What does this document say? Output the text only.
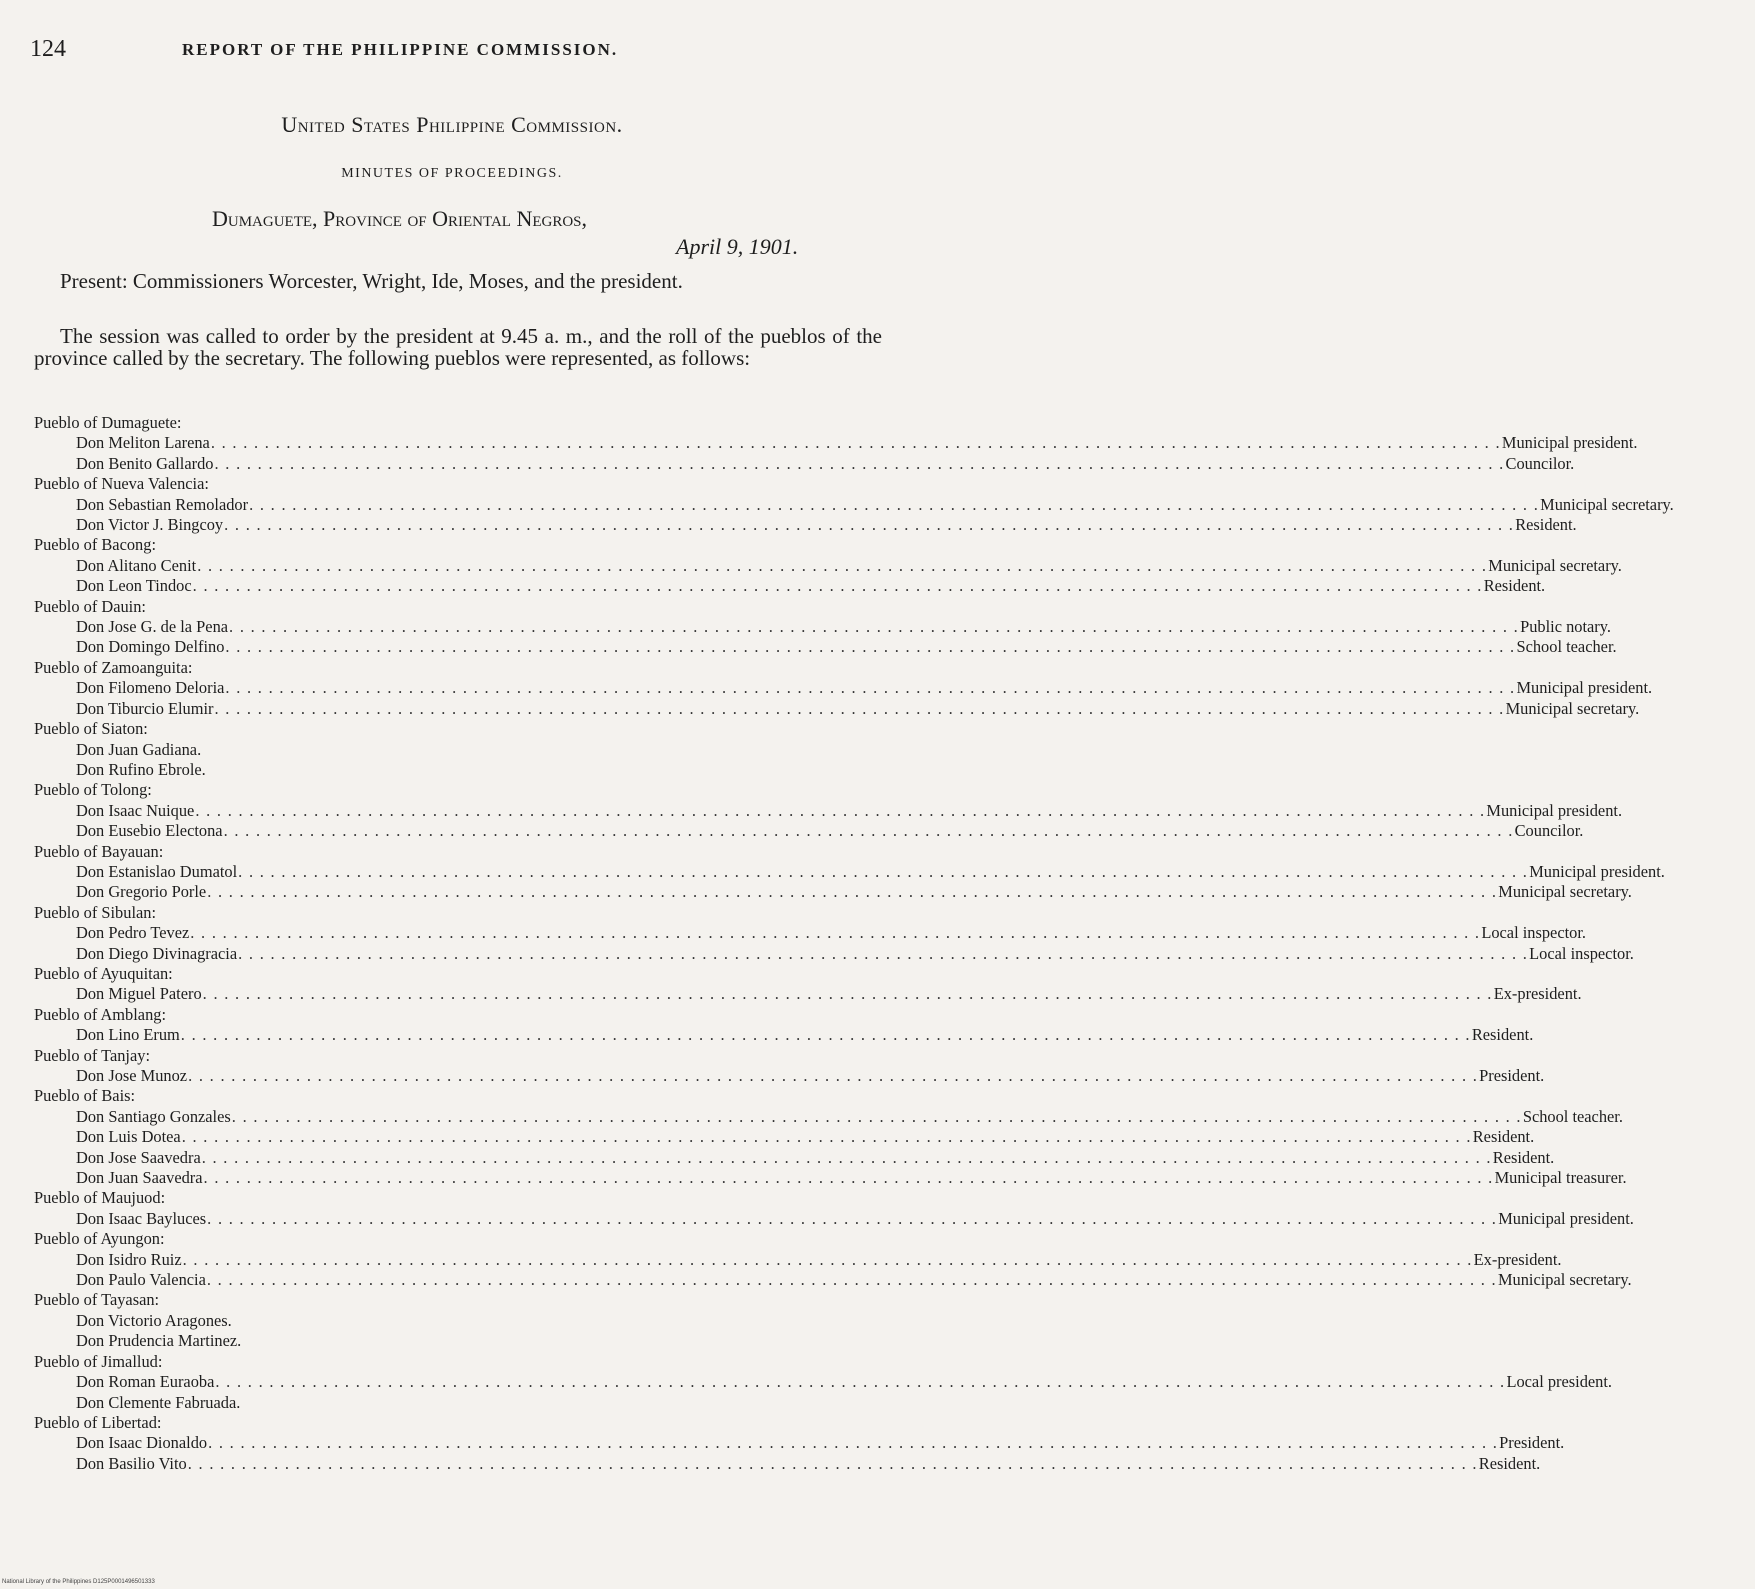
124	REPORT OF THE PHILIPPINE COMMISSION.
United States Philippine Commission.
MINUTES OF PROCEEDINGS.
Dumaguete, Province of Oriental Negros,
April 9, 1901.
Present: Commissioners Worcester, Wright, Ide, Moses, and the president.
The session was called to order by the president at 9.45 a. m., and the roll of the pueblos of the province called by the secretary. The following pueblos were represented, as follows:
Pueblo of Dumaguete:
Don Meliton Larena . . . . . . . . . . . . . . . . . . . . . . . . . . . . . . . . . . . . . . . . . . . . . . . . . . . . . . . . . . . . . . . . . . . . . . . . . . . . . . . . . . . . . . . . . . . . . . . . . . . . . . . . . . . . . . . . . . . . . . . . Municipal president.
Don Benito Gallardo . . . . . . . . . . . . . . . . . . . . . . . . . . . . . . . . . . . . . . . . . . . . . . . . . . . . . . . . . . . . . . . . . . . . . . . . . . . . . . . . . . . . . . . . . . . . . . . . . . . . . . . . . . . . . . . . . . . . . . . . Councilor.
Pueblo of Nueva Valencia:
Don Sebastian Remolador . . . . . . . . . . . . . . . . . . . . . . . . . . . . . . . . . . . . . . . . . . . . . . . . . . . . . . . . . . . . . . . . . . . . . . . . . . . . . . . . . . . . . . . . . . . . . . . . . . . . . . . . . . . . . . . . . . . . . . . . Municipal secretary.
Don Victor J. Bingcoy . . . . . . . . . . . . . . . . . . . . . . . . . . . . . . . . . . . . . . . . . . . . . . . . . . . . . . . . . . . . . . . . . . . . . . . . . . . . . . . . . . . . . . . . . . . . . . . . . . . . . . . . . . . . . . . . . . . . . . . . Resident.
Pueblo of Bacong:
Don Alitano Cenit . . . . . . . . . . . . . . . . . . . . . . . . . . . . . . . . . . . . . . . . . . . . . . . . . . . . . . . . . . . . . . . . . . . . . . . . . . . . . . . . . . . . . . . . . . . . . . . . . . . . . . . . . . . . . . . . . . . . . . . . Municipal secretary.
Don Leon Tindoc . . . . . . . . . . . . . . . . . . . . . . . . . . . . . . . . . . . . . . . . . . . . . . . . . . . . . . . . . . . . . . . . . . . . . . . . . . . . . . . . . . . . . . . . . . . . . . . . . . . . . . . . . . . . . . . . . . . . . . . . Resident.
Pueblo of Dauin:
Don Jose G. de la Pena . . . . . . . . . . . . . . . . . . . . . . . . . . . . . . . . . . . . . . . . . . . . . . . . . . . . . . . . . . . . . . . . . . . . . . . . . . . . . . . . . . . . . . . . . . . . . . . . . . . . . . . . . . . . . . . . . . . . . . . . Public notary.
Don Domingo Delfino . . . . . . . . . . . . . . . . . . . . . . . . . . . . . . . . . . . . . . . . . . . . . . . . . . . . . . . . . . . . . . . . . . . . . . . . . . . . . . . . . . . . . . . . . . . . . . . . . . . . . . . . . . . . . . . . . . . . . . . . School teacher.
Pueblo of Zamoanguita:
Don Filomeno Deloria . . . . . . . . . . . . . . . . . . . . . . . . . . . . . . . . . . . . . . . . . . . . . . . . . . . . . . . . . . . . . . . . . . . . . . . . . . . . . . . . . . . . . . . . . . . . . . . . . . . . . . . . . . . . . . . . . . . . . . . . Municipal president.
Don Tiburcio Elumir . . . . . . . . . . . . . . . . . . . . . . . . . . . . . . . . . . . . . . . . . . . . . . . . . . . . . . . . . . . . . . . . . . . . . . . . . . . . . . . . . . . . . . . . . . . . . . . . . . . . . . . . . . . . . . . . . . . . . . . . Municipal secretary.
Pueblo of Siaton:
Don Juan Gadiana.
Don Rufino Ebrole.
Pueblo of Tolong:
Don Isaac Nuique . . . . . . . . . . . . . . . . . . . . . . . . . . . . . . . . . . . . . . . . . . . . . . . . . . . . . . . . . . . . . . . . . . . . . . . . . . . . . . . . . . . . . . . . . . . . . . . . . . . . . . . . . . . . . . . . . . . . . . . . Municipal president.
Don Eusebio Electona . . . . . . . . . . . . . . . . . . . . . . . . . . . . . . . . . . . . . . . . . . . . . . . . . . . . . . . . . . . . . . . . . . . . . . . . . . . . . . . . . . . . . . . . . . . . . . . . . . . . . . . . . . . . . . . . . . . . . . . . Councilor.
Pueblo of Bayauan:
Don Estanislao Dumatol . . . . . . . . . . . . . . . . . . . . . . . . . . . . . . . . . . . . . . . . . . . . . . . . . . . . . . . . . . . . . . . . . . . . . . . . . . . . . . . . . . . . . . . . . . . . . . . . . . . . . . . . . . . . . . . . . . . . . . . . Municipal president.
Don Gregorio Porle . . . . . . . . . . . . . . . . . . . . . . . . . . . . . . . . . . . . . . . . . . . . . . . . . . . . . . . . . . . . . . . . . . . . . . . . . . . . . . . . . . . . . . . . . . . . . . . . . . . . . . . . . . . . . . . . . . . . . . . . Municipal secretary.
Pueblo of Sibulan:
Don Pedro Tevez . . . . . . . . . . . . . . . . . . . . . . . . . . . . . . . . . . . . . . . . . . . . . . . . . . . . . . . . . . . . . . . . . . . . . . . . . . . . . . . . . . . . . . . . . . . . . . . . . . . . . . . . . . . . . . . . . . . . . . . . Local inspector.
Don Diego Divinagracia . . . . . . . . . . . . . . . . . . . . . . . . . . . . . . . . . . . . . . . . . . . . . . . . . . . . . . . . . . . . . . . . . . . . . . . . . . . . . . . . . . . . . . . . . . . . . . . . . . . . . . . . . . . . . . . . . . . . . . . . Local inspector.
Pueblo of Ayuquitan:
Don Miguel Patero . . . . . . . . . . . . . . . . . . . . . . . . . . . . . . . . . . . . . . . . . . . . . . . . . . . . . . . . . . . . . . . . . . . . . . . . . . . . . . . . . . . . . . . . . . . . . . . . . . . . . . . . . . . . . . . . . . . . . . . . Ex-president.
Pueblo of Amblang:
Don Lino Erum . . . . . . . . . . . . . . . . . . . . . . . . . . . . . . . . . . . . . . . . . . . . . . . . . . . . . . . . . . . . . . . . . . . . . . . . . . . . . . . . . . . . . . . . . . . . . . . . . . . . . . . . . . . . . . . . . . . . . . . . Resident.
Pueblo of Tanjay:
Don Jose Munoz . . . . . . . . . . . . . . . . . . . . . . . . . . . . . . . . . . . . . . . . . . . . . . . . . . . . . . . . . . . . . . . . . . . . . . . . . . . . . . . . . . . . . . . . . . . . . . . . . . . . . . . . . . . . . . . . . . . . . . . . President.
Pueblo of Bais:
Don Santiago Gonzales . . . . . . . . . . . . . . . . . . . . . . . . . . . . . . . . . . . . . . . . . . . . . . . . . . . . . . . . . . . . . . . . . . . . . . . . . . . . . . . . . . . . . . . . . . . . . . . . . . . . . . . . . . . . . . . . . . . . . . . . School teacher.
Don Luis Dotea . . . . . . . . . . . . . . . . . . . . . . . . . . . . . . . . . . . . . . . . . . . . . . . . . . . . . . . . . . . . . . . . . . . . . . . . . . . . . . . . . . . . . . . . . . . . . . . . . . . . . . . . . . . . . . . . . . . . . . . . Resident.
Don Jose Saavedra . . . . . . . . . . . . . . . . . . . . . . . . . . . . . . . . . . . . . . . . . . . . . . . . . . . . . . . . . . . . . . . . . . . . . . . . . . . . . . . . . . . . . . . . . . . . . . . . . . . . . . . . . . . . . . . . . . . . . . . . Resident.
Don Juan Saavedra . . . . . . . . . . . . . . . . . . . . . . . . . . . . . . . . . . . . . . . . . . . . . . . . . . . . . . . . . . . . . . . . . . . . . . . . . . . . . . . . . . . . . . . . . . . . . . . . . . . . . . . . . . . . . . . . . . . . . . . . Municipal treasurer.
Pueblo of Maujuod:
Don Isaac Bayluces . . . . . . . . . . . . . . . . . . . . . . . . . . . . . . . . . . . . . . . . . . . . . . . . . . . . . . . . . . . . . . . . . . . . . . . . . . . . . . . . . . . . . . . . . . . . . . . . . . . . . . . . . . . . . . . . . . . . . . . . Municipal president.
Pueblo of Ayungon:
Don Isidro Ruiz . . . . . . . . . . . . . . . . . . . . . . . . . . . . . . . . . . . . . . . . . . . . . . . . . . . . . . . . . . . . . . . . . . . . . . . . . . . . . . . . . . . . . . . . . . . . . . . . . . . . . . . . . . . . . . . . . . . . . . . . Ex-president.
Don Paulo Valencia . . . . . . . . . . . . . . . . . . . . . . . . . . . . . . . . . . . . . . . . . . . . . . . . . . . . . . . . . . . . . . . . . . . . . . . . . . . . . . . . . . . . . . . . . . . . . . . . . . . . . . . . . . . . . . . . . . . . . . . . Municipal secretary.
Pueblo of Tayasan:
Don Victorio Aragones.
Don Prudencia Martinez.
Pueblo of Jimallud:
Don Roman Euraoba . . . . . . . . . . . . . . . . . . . . . . . . . . . . . . . . . . . . . . . . . . . . . . . . . . . . . . . . . . . . . . . . . . . . . . . . . . . . . . . . . . . . . . . . . . . . . . . . . . . . . . . . . . . . . . . . . . . . . . . . Local president.
Don Clemente Fabruada.
Pueblo of Libertad:
Don Isaac Dionaldo . . . . . . . . . . . . . . . . . . . . . . . . . . . . . . . . . . . . . . . . . . . . . . . . . . . . . . . . . . . . . . . . . . . . . . . . . . . . . . . . . . . . . . . . . . . . . . . . . . . . . . . . . . . . . . . . . . . . . . . . President.
Don Basilio Vito . . . . . . . . . . . . . . . . . . . . . . . . . . . . . . . . . . . . . . . . . . . . . . . . . . . . . . . . . . . . . . . . . . . . . . . . . . . . . . . . . . . . . . . . . . . . . . . . . . . . . . . . . . . . . . . . . . . . . . . . Resident.
National Library of the Philippines D125P0001496501333
